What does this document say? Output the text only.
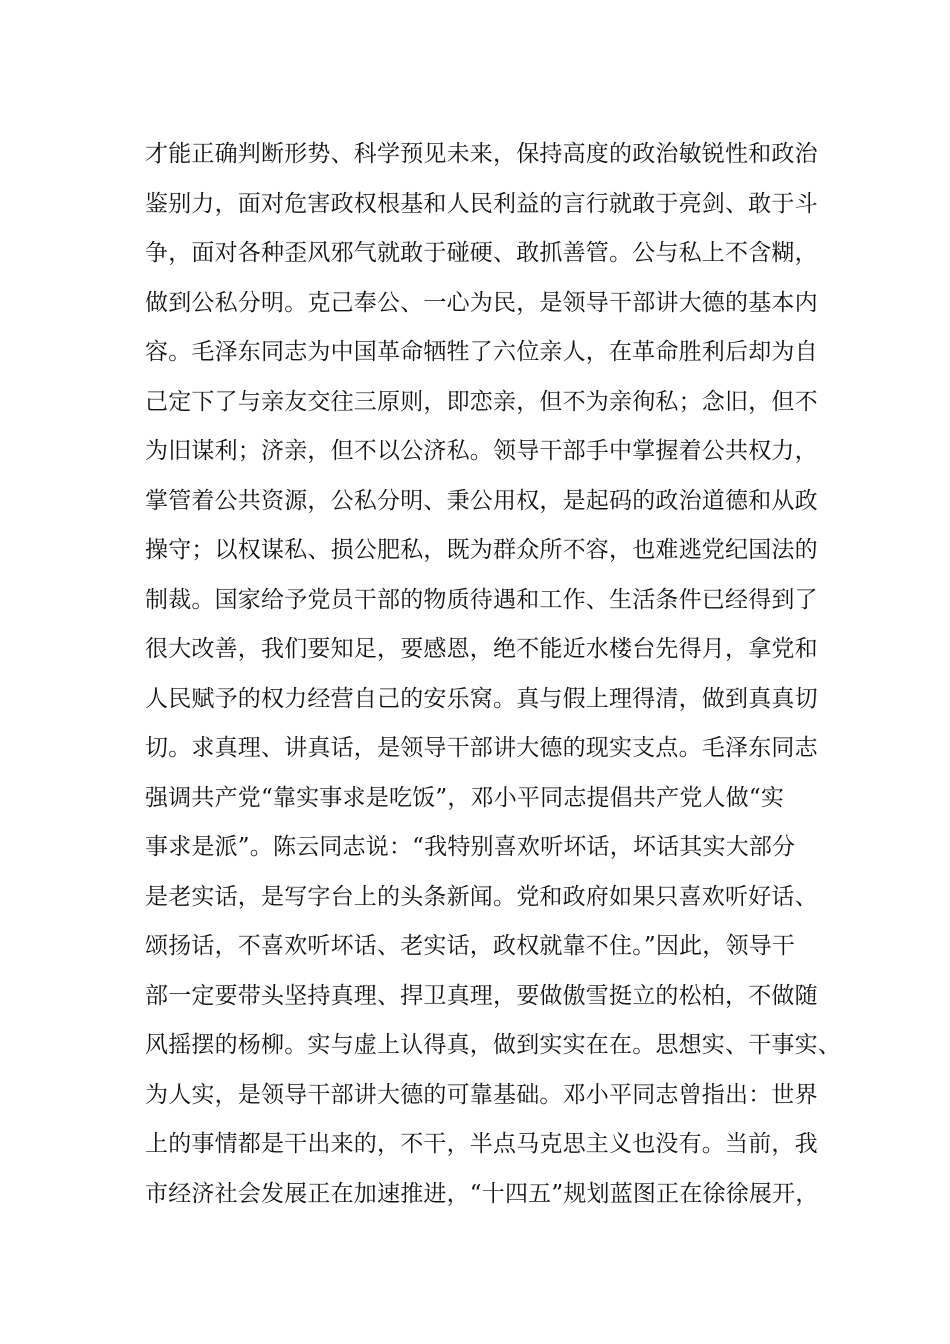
才能正确判断形势、科学预见未来，保持高度的政治敏锐性和政治
鉴别力，面对危害政权根基和人民利益的言行就敢于亮剑、敢于斗
争，面对各种歪风邪气就敢于碰硬、敢抓善管。公与私上不含糊，
做到公私分明。克己奉公、一心为民，是领导干部讲大德的基本内
容。毛泽东同志为中国革命牺牲了六位亲人，在革命胜利后却为自
己定下了与亲友交往三原则，即恋亲，但不为亲徇私；念旧，但不
为旧谋利；济亲，但不以公济私。领导干部手中掌握着公共权力，
掌管着公共资源，公私分明、秉公用权，是起码的政治道德和从政
操守；以权谋私、损公肥私，既为群众所不容，也难逃党纪国法的
制裁。国家给予党员干部的物质待遇和工作、生活条件已经得到了
很大改善，我们要知足，要感恩，绝不能近水楼台先得月，拿党和
人民赋予的权力经营自己的安乐窝。真与假上理得清，做到真真切
切。求真理、讲真话，是领导干部讲大德的现实支点。毛泽东同志
强调共产党“靠实事求是吃饭”，邓小平同志提倡共产党人做“实
事求是派”。陈云同志说：“我特别喜欢听坏话，坏话其实大部分
是老实话，是写字台上的头条新闻。党和政府如果只喜欢听好话、
颂扬话，不喜欢听坏话、老实话，政权就靠不住。”因此，领导干
部一定要带头坚持真理、捍卫真理，要做傲雪挺立的松柏，不做随
风摇摆的杨柳。实与虚上认得真，做到实实在在。思想实、干事实、
为人实，是领导干部讲大德的可靠基础。邓小平同志曾指出：世界
上的事情都是干出来的，不干，半点马克思主义也没有。当前，我
市经济社会发展正在加速推进，“十四五”规划蓝图正在徐徐展开，
